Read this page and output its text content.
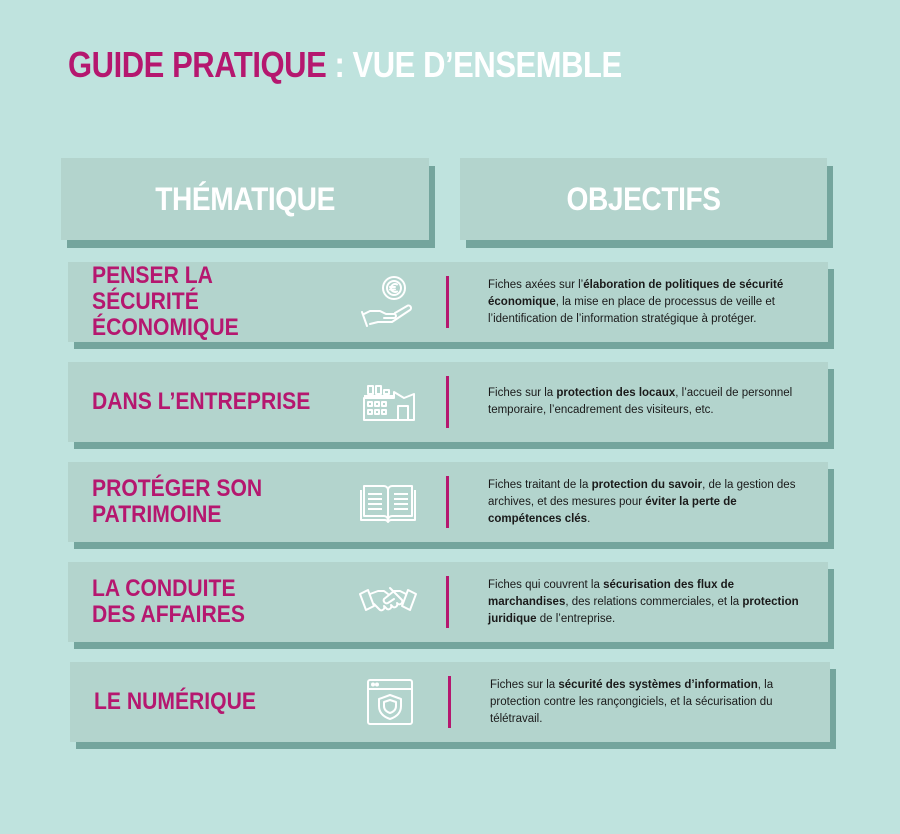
GUIDE PRATIQUE : VUE D’ENSEMBLE
THÉMATIQUE	OBJECTIFS
PENSER LA SÉCURITÉ
ÉCONOMIQUE
Fiches axées sur l’élaboration de politiques de sécurité économique, la mise en place de processus de veille et l’identification de l’information stratégique à protéger.
DANS L’ENTREPRISE	Fiches sur la protection des locaux, l’accueil de personnel temporaire, l’encadrement des visiteurs, etc.
PROTÉGER SON
PATRIMOINE
Fiches traitant de la protection du savoir, de la gestion des archives, et des mesures pour éviter la perte de compétences clés.
LA CONDUITE
DES AFFAIRES
Fiches qui couvrent la sécurisation des flux de marchandises, des relations commerciales, et la protection juridique de l’entreprise.
LE NUMÉRIQUE
Fiches sur la sécurité des systèmes d’information, la protection contre les rançongiciels, et la sécurisation du télétravail.
